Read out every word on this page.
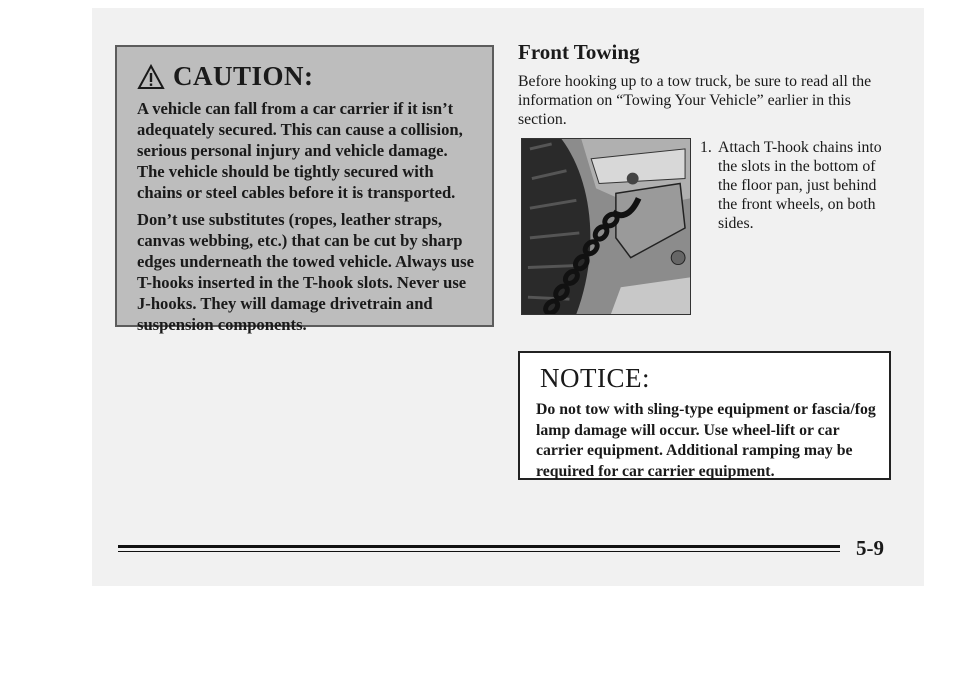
CAUTION:

A vehicle can fall from a car carrier if it isn’t adequately secured. This can cause a collision, serious personal injury and vehicle damage. The vehicle should be tightly secured with chains or steel cables before it is transported.

Don’t use substitutes (ropes, leather straps, canvas webbing, etc.) that can be cut by sharp edges underneath the towed vehicle. Always use T-hooks inserted in the T-hook slots. Never use J-hooks. They will damage drivetrain and suspension components.

Front Towing
Before hooking up to a tow truck, be sure to read all the information on “Towing Your Vehicle” earlier in this section.
1. Attach T-hook chains into the slots in the bottom of the floor pan, just behind the front wheels, on both sides.
NOTICE:

Do not tow with sling-type equipment or fascia/fog lamp damage will occur. Use wheel-lift or car carrier equipment. Additional ramping may be required for car carrier equipment.

5-9
